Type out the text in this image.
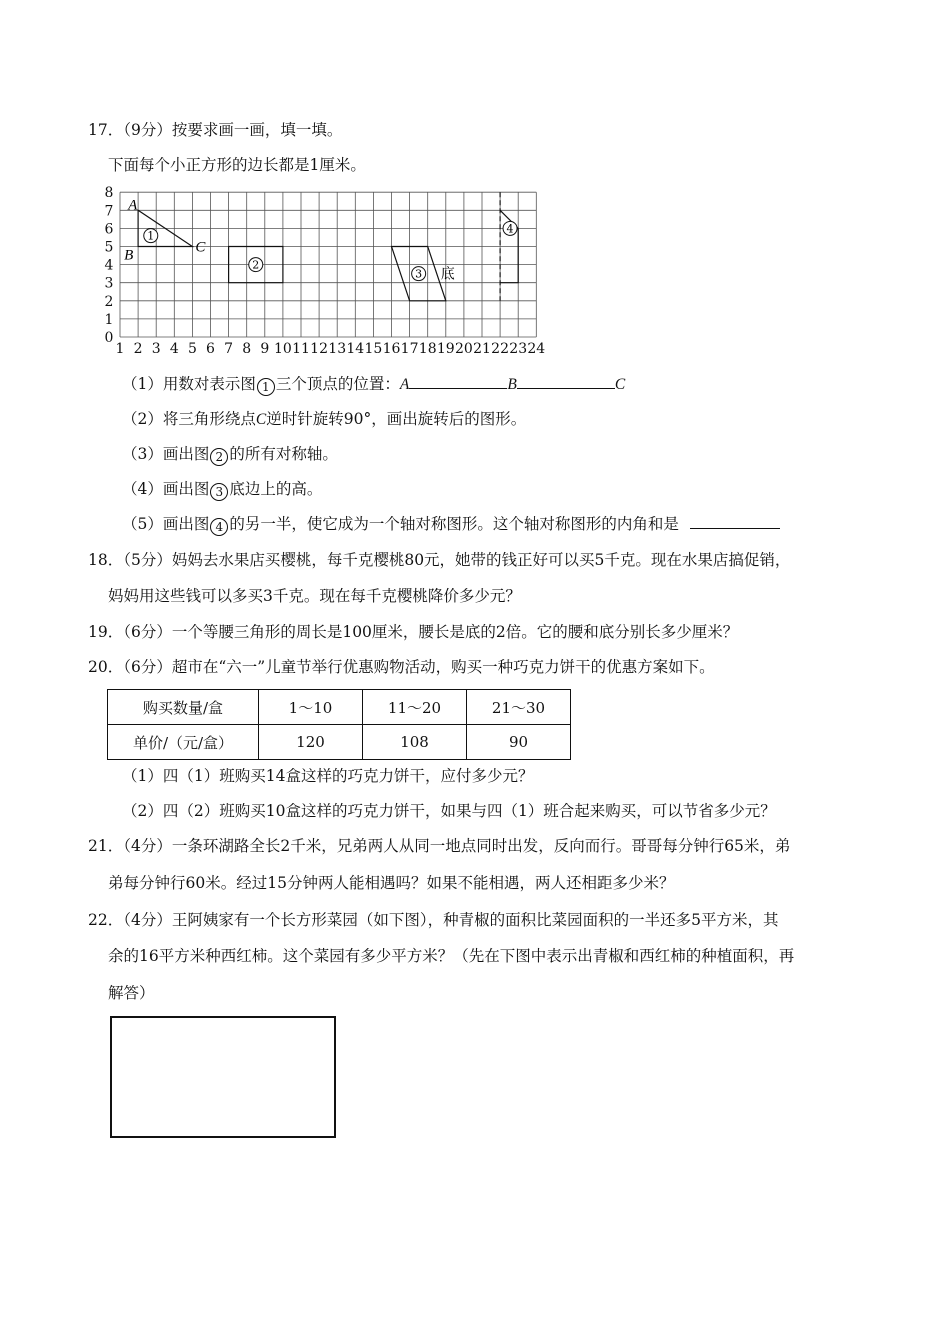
17．（9分）按要求画一画，填一填。
下面每个小正方形的边长都是1厘米。
0
1
2
3
4
5
6
7
8
1 2 3 4 5 6 7 8 9 10 11 12 13 14 15 16 17 18 19 20 21 22 23 24
A
B	C
1
2
3
4
底
（1）用数对表示图 1 三个顶点的位置：A	B	C
（2）将三角形绕点C逆时针旋转90°，画出旋转后的图形。
（3）画出图 2 的所有对称轴。
（4）画出图 3 底边上的高。
（5）画出图 4 的另一半，使它成为一个轴对称图形。这个轴对称图形的内角和是
18．（5分）妈妈去水果店买樱桃，每千克樱桃80元，她带的钱正好可以买5千克。现在水果店搞促销，
妈妈用这些钱可以多买3千克。现在每千克樱桃降价多少元？
19．（6分）一个等腰三角形的周长是100厘米，腰长是底的2倍。它的腰和底分别长多少厘米？
20．（6分）超市在“六一”儿童节举行优惠购物活动，购买一种巧克力饼干的优惠方案如下。
购买数量/盒	1～10	11～20	21～30
单价/（元/盒）	120	108	90
（1）四（1）班购买14盒这样的巧克力饼干，应付多少元？
（2）四（2）班购买10盒这样的巧克力饼干，如果与四（1）班合起来购买，可以节省多少元？
21．（4分）一条环湖路全长2千米，兄弟两人从同一地点同时出发，反向而行。哥哥每分钟行65米，弟
弟每分钟行60米。经过15分钟两人能相遇吗？如果不能相遇，两人还相距多少米？
22．（4分）王阿姨家有一个长方形菜园（如下图），种青椒的面积比菜园面积的一半还多5平方米，其
余的16平方米种西红柿。这个菜园有多少平方米？（先在下图中表示出青椒和西红柿的种植面积，再
解答）
